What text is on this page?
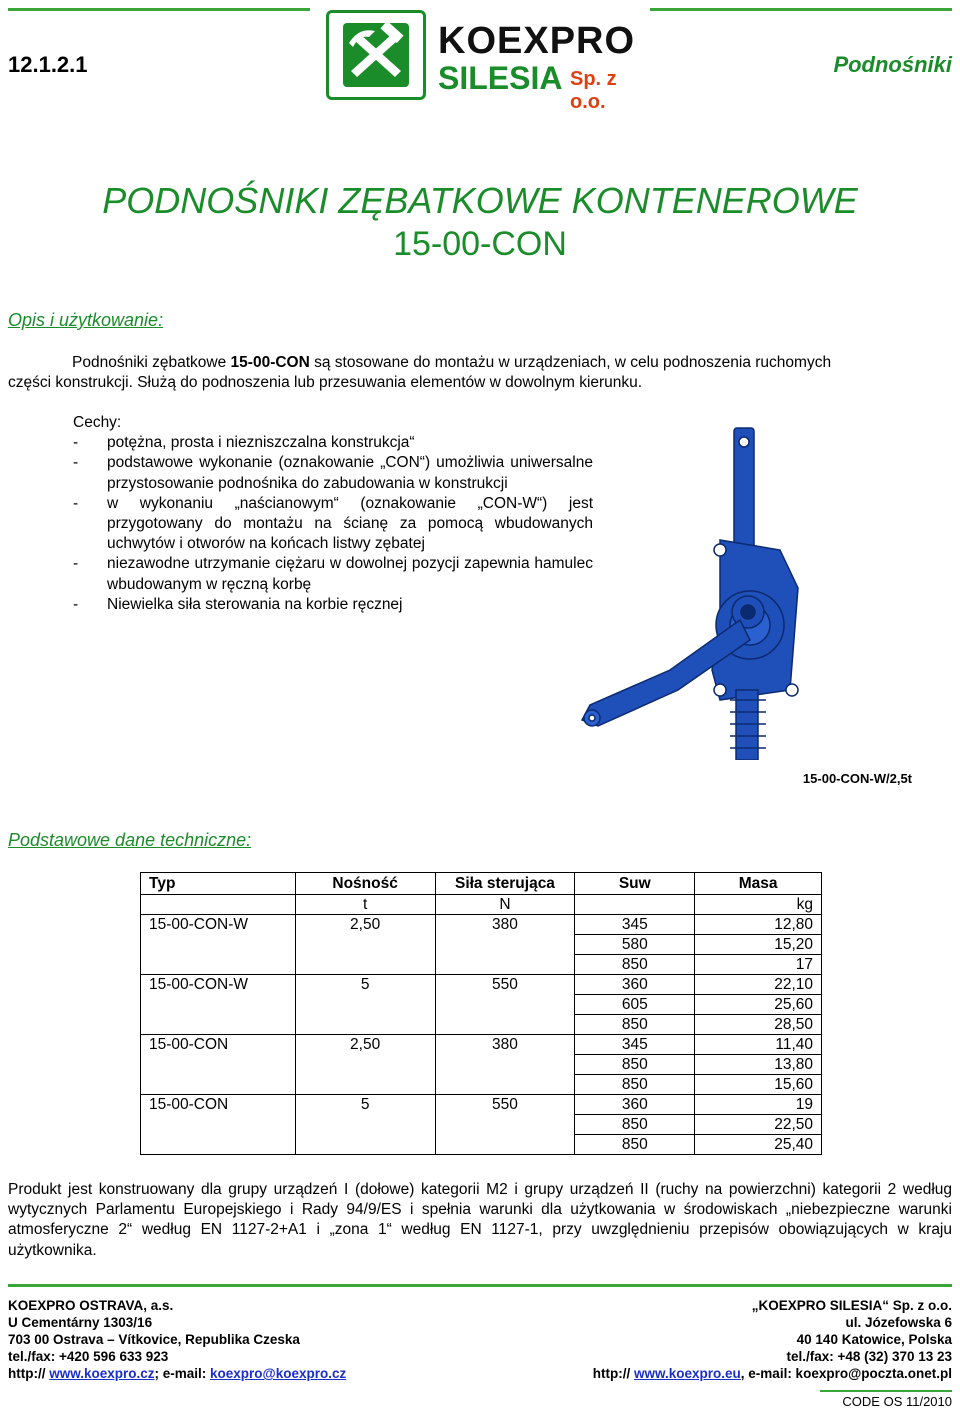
12.1.2.1	Podnośniki
KOEXPRO
SILESIA Sp. z o.o.
PODNOŚNIKI ZĘBATKOWE KONTENEROWE
15-00-CON
Opis i użytkowanie:
Podnośniki zębatkowe 15-00-CON są stosowane do montażu w urządzeniach, w celu podnoszenia ruchomych
części konstrukcji. Służą do podnoszenia lub przesuwania elementów w dowolnym kierunku.
Cechy:
-	potężna, prosta i niezniszczalna konstrukcja“
-	podstawowe wykonanie (oznakowanie „CON“) umożliwia uniwersalne przystosowanie podnośnika do zabudowania w konstrukcji
-	w wykonaniu „naścianowym“ (oznakowanie „CON-W“) jest przygotowany do montażu na ścianę za pomocą wbudowanych uchwytów i otworów na końcach listwy zębatej
-	niezawodne utrzymanie ciężaru w dowolnej pozycji zapewnia hamulec wbudowanym w ręczną korbę
-	Niewielka siła sterowania na korbie ręcznej
15-00-CON-W/2,5t
Podstawowe dane techniczne:
Typ	Nośność	Siła sterująca	Suw	Masa
	t	N		kg
15-00-CON-W	2,50	380	345	12,80
			580	15,20
			850	17
15-00-CON-W	5	550	360	22,10
			605	25,60
			850	28,50
15-00-CON	2,50	380	345	11,40
			850	13,80
			850	15,60
15-00-CON	5	550	360	19
			850	22,50
			850	25,40
Produkt jest konstruowany dla grupy urządzeń I (dołowe) kategorii M2 i grupy urządzeń II (ruchy na powierzchni) kategorii 2 według wytycznych Parlamentu Europejskiego i Rady 94/9/ES i spełnia warunki dla użytkowania w środowiskach „niebezpieczne warunki atmosferyczne 2“ według EN 1127-2+A1 i „zona 1“ według EN 1127-1, przy uwzględnieniu przepisów obowiązujących w kraju użytkownika.
KOEXPRO OSTRAVA, a.s.
U Cementárny 1303/16
703 00 Ostrava – Vítkovice, Republika Czeska
tel./fax: +420 596 633 923
http:// www.koexpro.cz; e-mail: koexpro@koexpro.cz
„KOEXPRO SILESIA“ Sp. z o.o.
ul. Józefowska 6
40 140 Katowice, Polska
tel./fax: +48 (32) 370 13 23
http:// www.koexpro.eu, e-mail: koexpro@poczta.onet.pl
CODE OS 11/2010
